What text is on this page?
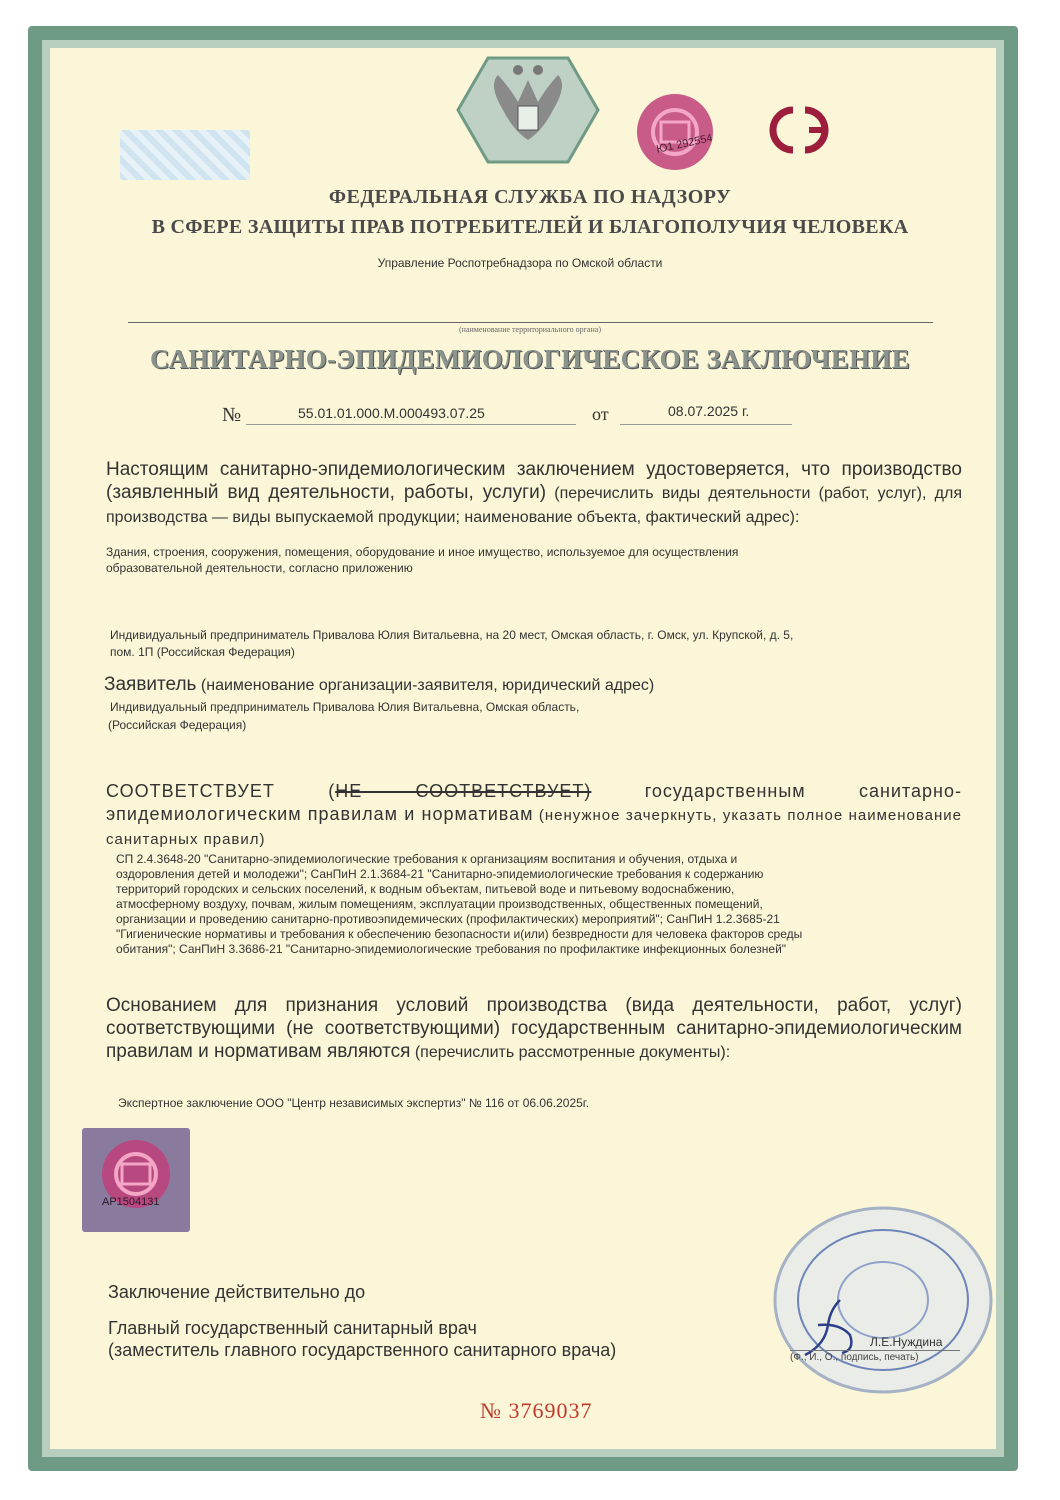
Ю1 292554
ФЕДЕРАЛЬНАЯ СЛУЖБА ПО НАДЗОРУ
В СФЕРЕ ЗАЩИТЫ ПРАВ ПОТРЕБИТЕЛЕЙ И БЛАГОПОЛУЧИЯ ЧЕЛОВЕКА
Управление Роспотребнадзора по Омской области
(наименование территориального органа)
САНИТАРНО-ЭПИДЕМИОЛОГИЧЕСКОЕ ЗАКЛЮЧЕНИЕ
№	55.01.01.000.М.000493.07.25	от	08.07.2025 г.
Настоящим санитарно-эпидемиологическим заключением удостоверяется, что производство (заявленный вид деятельности, работы, услуги) (перечислить виды деятельности (работ, услуг), для производства — виды выпускаемой продукции; наименование объекта, фактический адрес):
Здания, строения, сооружения, помещения, оборудование и иное имущество, используемое для осуществления
образовательной деятельности, согласно приложению
Индивидуальный предприниматель Привалова Юлия Витальевна, на 20 мест, Омская область, г. Омск, ул. Крупской, д. 5,
пом. 1П (Российская Федерация)
Заявитель (наименование организации-заявителя, юридический адрес)
Индивидуальный предприниматель Привалова Юлия Витальевна, Омская область,
(Российская Федерация)
СООТВЕТСТВУЕТ (НЕ СООТВЕТСТВУЕТ) государственным санитарно-эпидемиологическим правилам и нормативам (ненужное зачеркнуть, указать полное наименование санитарных правил)
СП 2.4.3648-20 "Санитарно-эпидемиологические требования к организациям воспитания и обучения, отдыха и
оздоровления детей и молодежи"; СанПиН 2.1.3684-21 "Санитарно-эпидемиологические требования к содержанию
территорий городских и сельских поселений, к водным объектам, питьевой воде и питьевому водоснабжению,
атмосферному воздуху, почвам, жилым помещениям, эксплуатации производственных, общественных помещений,
организации и проведению санитарно-противоэпидемических (профилактических) мероприятий"; СанПиН 1.2.3685-21
"Гигиенические нормативы и требования к обеспечению безопасности и(или) безвредности для человека факторов среды
обитания"; СанПиН 3.3686-21 "Санитарно-эпидемиологические требования по профилактике инфекционных болезней"
Основанием для признания условий производства (вида деятельности, работ, услуг) соответствующими (не соответствующими) государственным санитарно-эпидемиологическим правилам и нормативам являются (перечислить рассмотренные документы):
Экспертное заключение ООО "Центр независимых экспертиз" № 116 от 06.06.2025г.
АР1504131
Заключение действительно до
Главный государственный санитарный врач
(заместитель главного государственного санитарного врача)	Л.Е.Нуждина
(Ф., И., О., подпись, печать)
№ 3769037
